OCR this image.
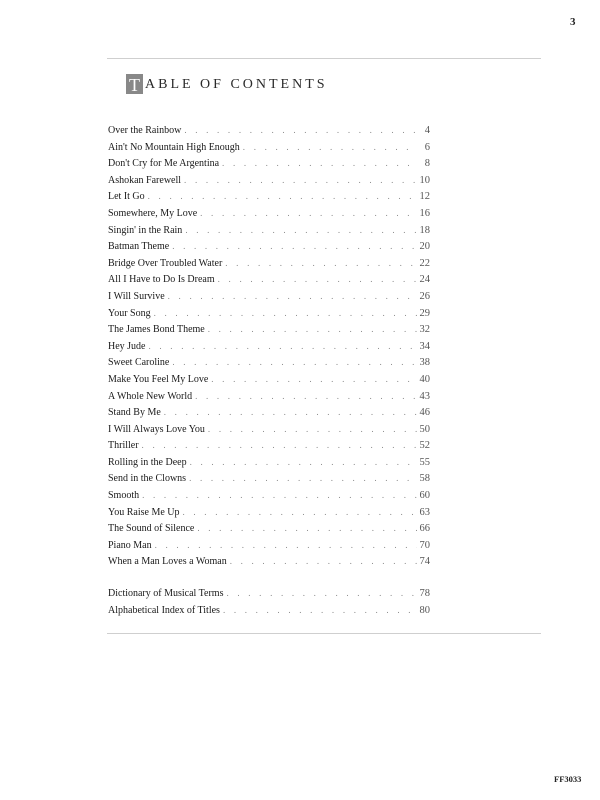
3
T ABLE OF CONTENTS
Over the Rainbow . . .	4
Ain't No Mountain High Enough . . .	6
Don't Cry for Me Argentina . . .	8
Ashokan Farewell . . .	10
Let It Go . . .	12
Somewhere, My Love . . .	16
Singin' in the Rain . . .	18
Batman Theme . . .	20
Bridge Over Troubled Water . . .	22
All I Have to Do Is Dream . . .	24
I Will Survive . . .	26
Your Song . . .	29
The James Bond Theme . . .	32
Hey Jude . . .	34
Sweet Caroline . . .	38
Make You Feel My Love . . .	40
A Whole New World . . .	43
Stand By Me . . .	46
I Will Always Love You . . .	50
Thriller . . .	52
Rolling in the Deep . . .	55
Send in the Clowns . . .	58
Smooth . . .	60
You Raise Me Up . . .	63
The Sound of Silence . . .	66
Piano Man . . .	70
When a Man Loves a Woman . . .	74
Dictionary of Musical Terms . . .	78
Alphabetical Index of Titles . . .	80
FF3033
